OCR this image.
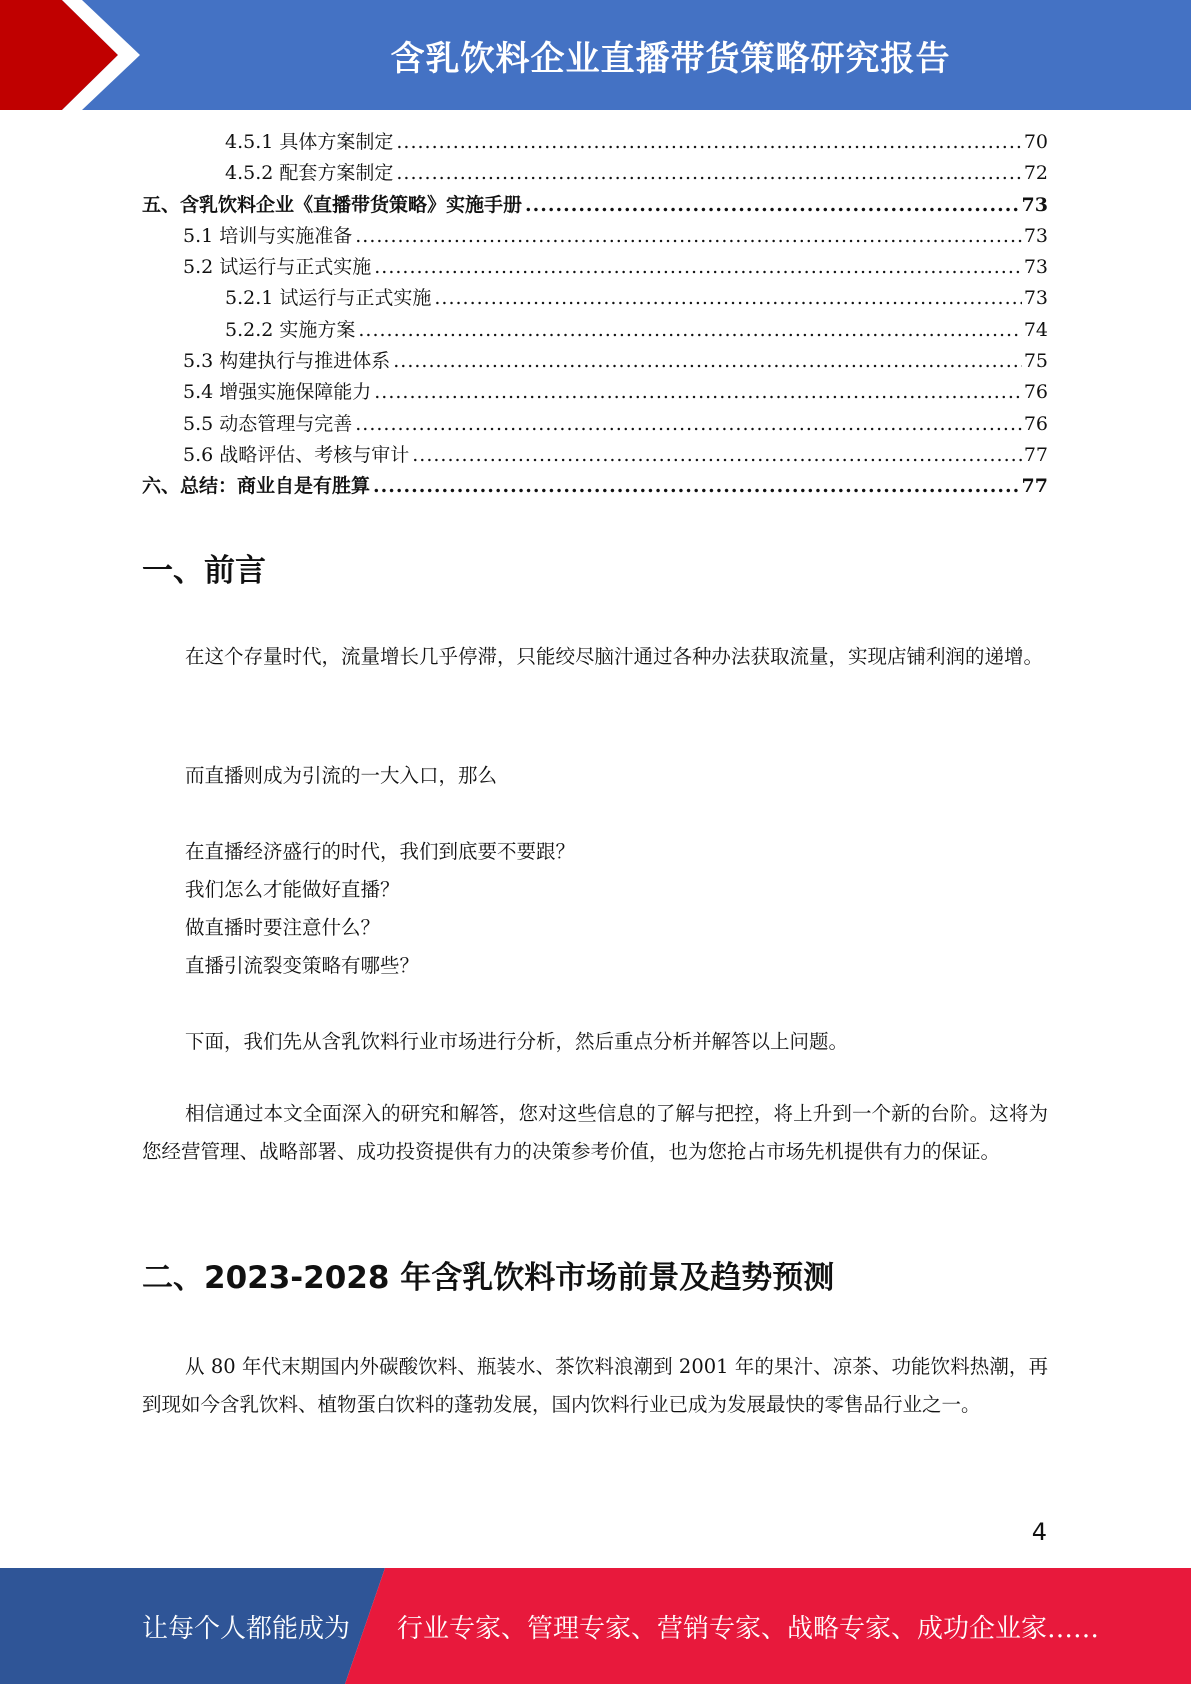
含乳饮料企业直播带货策略研究报告
4.5.1 具体方案制定 .....	70
4.5.2 配套方案制定 .....	72
五、含乳饮料企业《直播带货策略》实施手册 .....	73
5.1 培训与实施准备 .....	73
5.2 试运行与正式实施 .....	73
5.2.1 试运行与正式实施 .....	73
5.2.2 实施方案 .....	74
5.3 构建执行与推进体系 .....	75
5.4 增强实施保障能力 .....	76
5.5 动态管理与完善 .....	76
5.6 战略评估、考核与审计 .....	77
六、总结：商业自是有胜算 .....	77
一、前言
在这个存量时代，流量增长几乎停滞，只能绞尽脑汁通过各种办法获取流量，实现店铺利润的递增。
而直播则成为引流的一大入口，那么
在直播经济盛行的时代，我们到底要不要跟？
我们怎么才能做好直播？
做直播时要注意什么？
直播引流裂变策略有哪些？
下面，我们先从含乳饮料行业市场进行分析，然后重点分析并解答以上问题。
相信通过本文全面深入的研究和解答，您对这些信息的了解与把控，将上升到一个新的台阶。这将为您经营管理、战略部署、成功投资提供有力的决策参考价值，也为您抢占市场先机提供有力的保证。
二、2023-2028 年含乳饮料市场前景及趋势预测
从 80 年代末期国内外碳酸饮料、瓶装水、茶饮料浪潮到 2001 年的果汁、凉茶、功能饮料热潮，再到现如今含乳饮料、植物蛋白饮料的蓬勃发展，国内饮料行业已成为发展最快的零售品行业之一。
4
让每个人都能成为 行业专家、管理专家、营销专家、战略专家、成功企业家……
